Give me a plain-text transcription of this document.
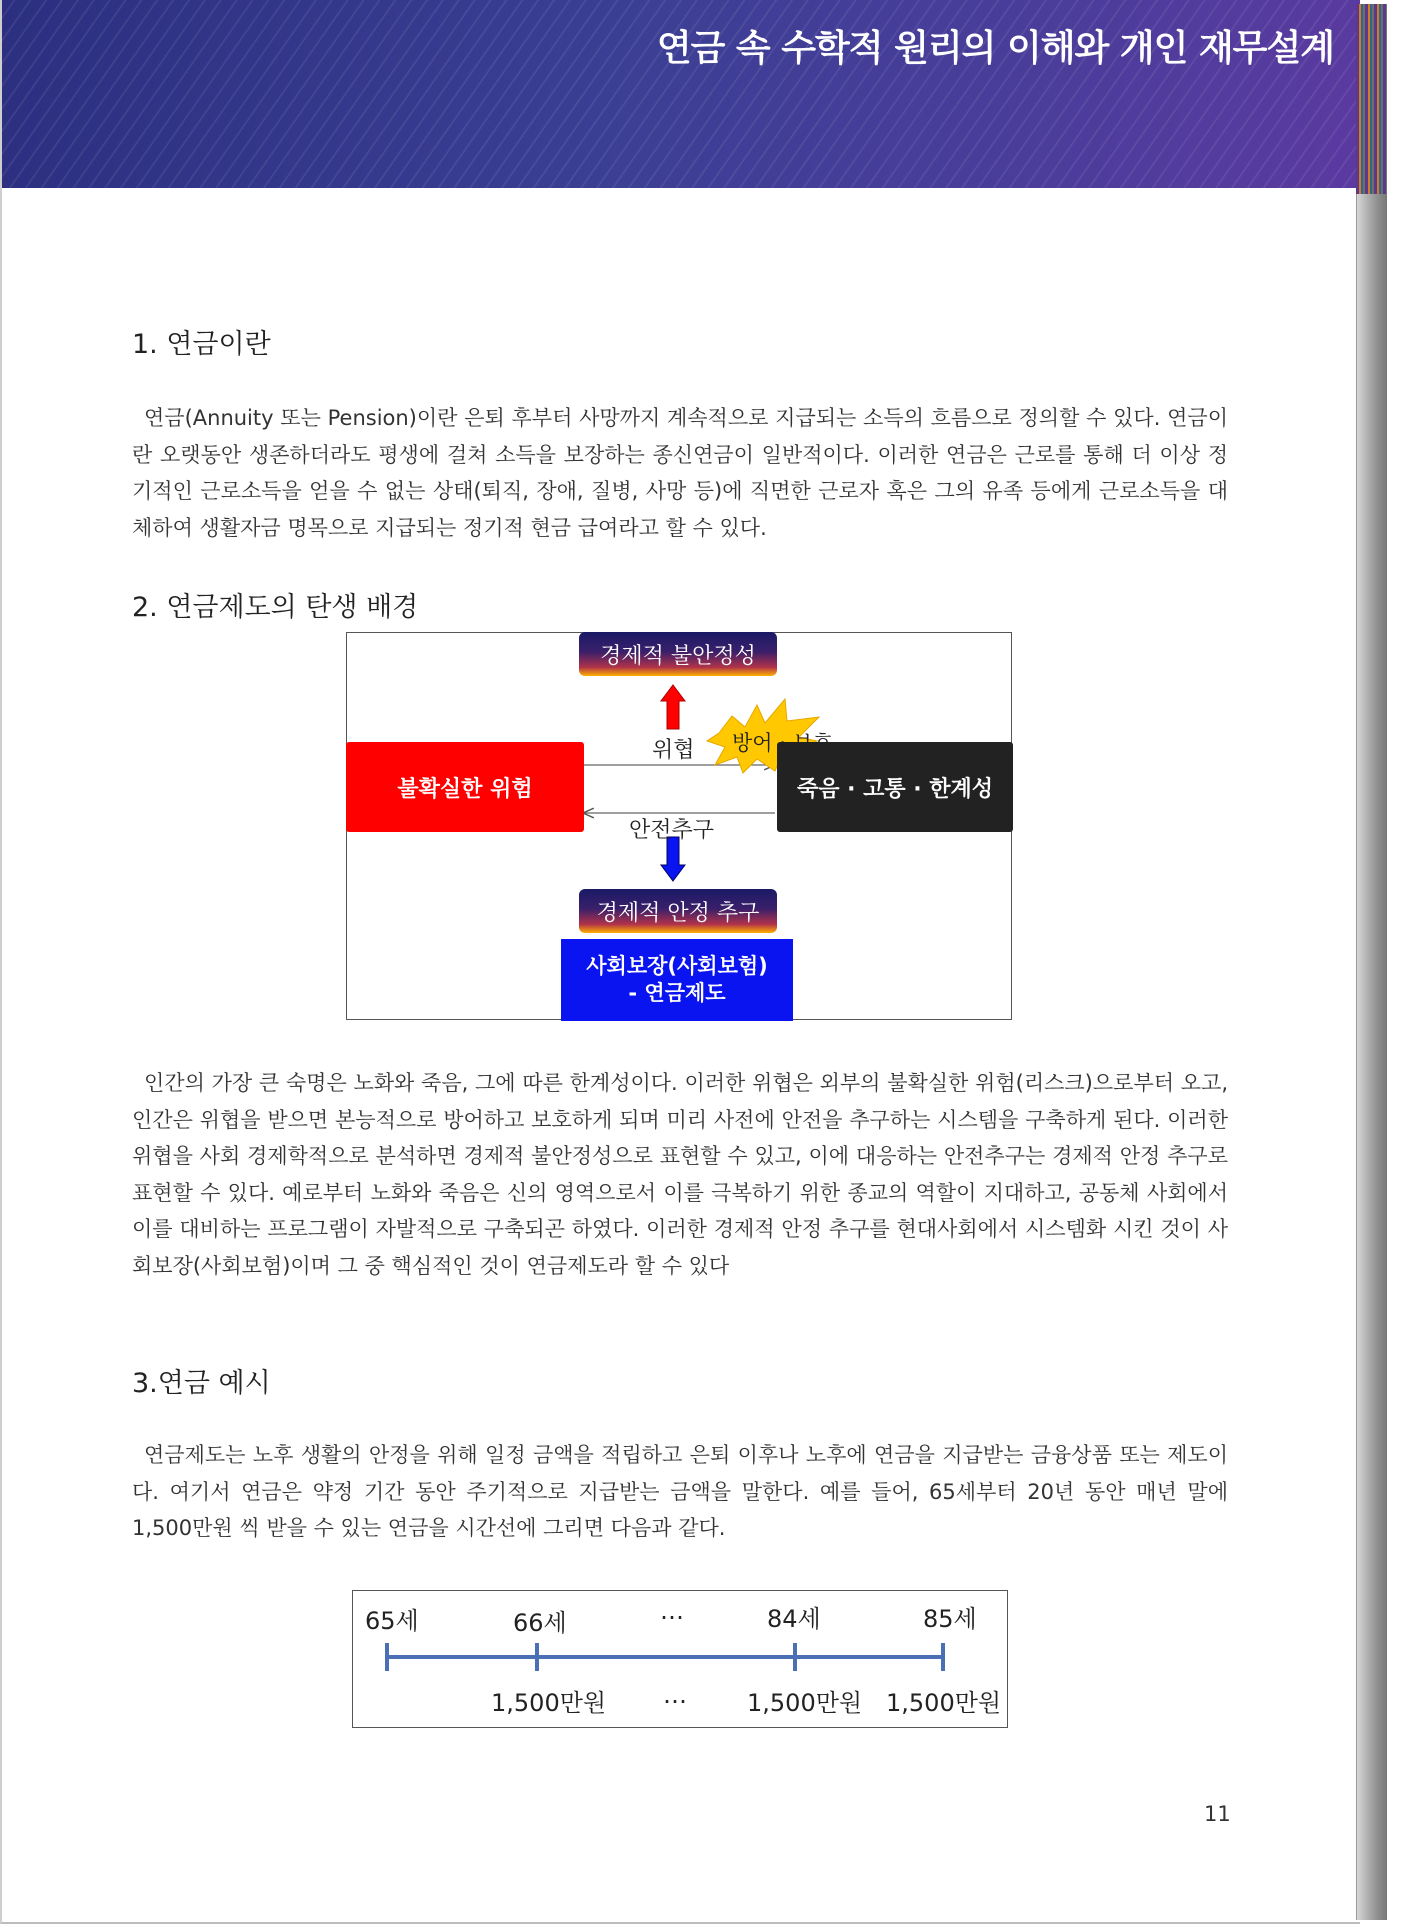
연금 속 수학적 원리의 이해와 개인 재무설계
1. 연금이란
연금(Annuity 또는 Pension)이란 은퇴 후부터 사망까지 계속적으로 지급되는 소득의 흐름으로 정의할 수 있다. 연금이란 오랫동안 생존하더라도 평생에 걸쳐 소득을 보장하는 종신연금이 일반적이다. 이러한 연금은 근로를 통해 더 이상 정기적인 근로소득을 얻을 수 없는 상태(퇴직, 장애, 질병, 사망 등)에 직면한 근로자 혹은 그의 유족 등에게 근로소득을 대체하여 생활자금 명목으로 지급되는 정기적 현금 급여라고 할 수 있다.
2. 연금제도의 탄생 배경
경제적 불안정성
불확실한 위험	죽음 · 고통 · 한계성
방어 · 보호
위협
안전추구
경제적 안정 추구
사회보장(사회보험)
- 연금제도
인간의 가장 큰 숙명은 노화와 죽음, 그에 따른 한계성이다. 이러한 위협은 외부의 불확실한 위험(리스크)으로부터 오고, 인간은 위협을 받으면 본능적으로 방어하고 보호하게 되며 미리 사전에 안전을 추구하는 시스템을 구축하게 된다. 이러한 위협을 사회 경제학적으로 분석하면 경제적 불안정성으로 표현할 수 있고, 이에 대응하는 안전추구는 경제적 안정 추구로 표현할 수 있다. 예로부터 노화와 죽음은 신의 영역으로서 이를 극복하기 위한 종교의 역할이 지대하고, 공동체 사회에서 이를 대비하는 프로그램이 자발적으로 구축되곤 하였다. 이러한 경제적 안정 추구를 현대사회에서 시스템화 시킨 것이 사회보장(사회보험)이며 그 중 핵심적인 것이 연금제도라 할 수 있다
3.연금 예시
연금제도는 노후 생활의 안정을 위해 일정 금액을 적립하고 은퇴 이후나 노후에 연금을 지급받는 금융상품 또는 제도이다. 여기서 연금은 약정 기간 동안 주기적으로 지급받는 금액을 말한다. 예를 들어, 65세부터 20년 동안 매년 말에 1,500만원 씩 받을 수 있는 연금을 시간선에 그리면 다음과 같다.
65세	66세	…	84세	85세
1,500만원 …	1,500만원 1,500만원
11
